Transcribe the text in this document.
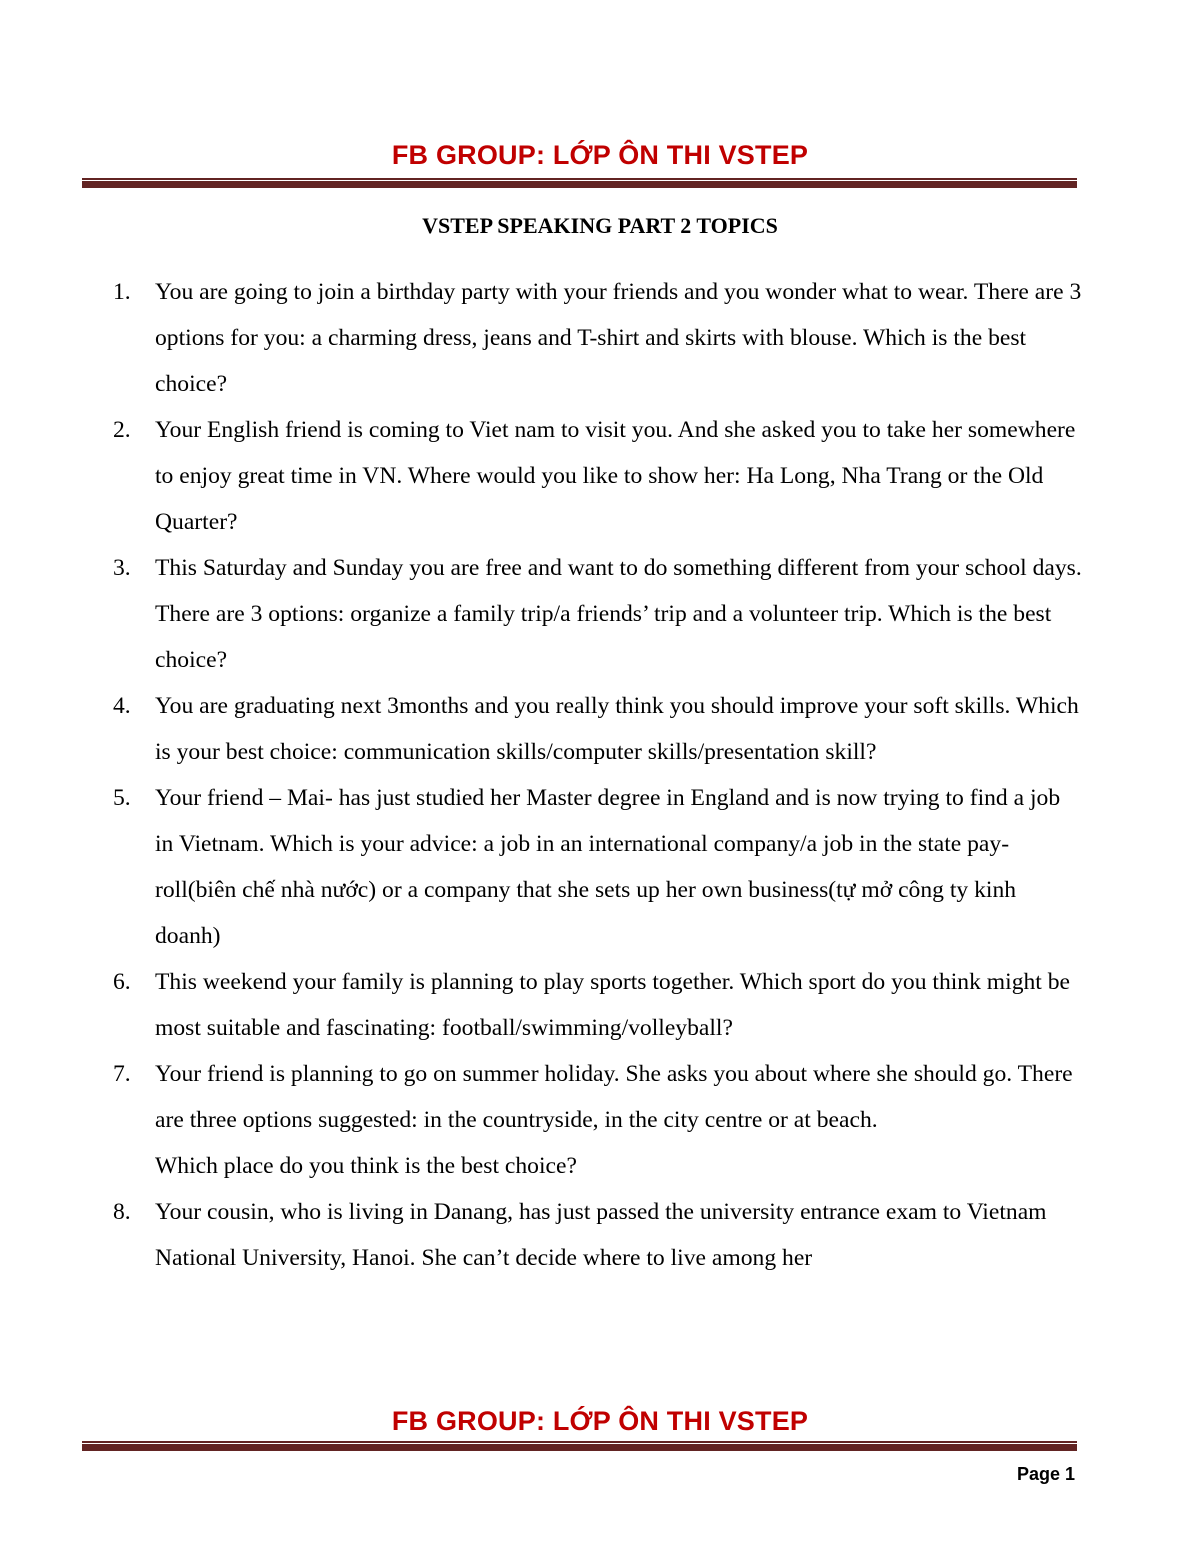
FB GROUP: LỚP ÔN THI VSTEP
VSTEP SPEAKING PART 2 TOPICS
1. You are going to join a birthday party with your friends and you wonder what to wear. There are 3 options for you: a charming dress, jeans and T-shirt and skirts with blouse. Which is the best choice?
2. Your English friend is coming to Viet nam to visit you. And she asked you to take her somewhere to enjoy great time in VN. Where would you like to show her: Ha Long, Nha Trang or the Old Quarter?
3. This Saturday and Sunday you are free and want to do something different from your school days. There are 3 options: organize a family trip/a friends’ trip and a volunteer trip. Which is the best choice?
4. You are graduating next 3months and you really think you should improve your soft skills. Which is your best choice: communication skills/computer skills/presentation skill?
5. Your friend – Mai- has just studied her Master degree in England and is now trying to find a job in Vietnam. Which is your advice: a job in an international company/a job in the state pay-roll(biên chế nhà nước) or a company that she sets up her own business(tự mở công ty kinh doanh)
6. This weekend your family is planning to play sports together. Which sport do you think might be most suitable and fascinating: football/swimming/volleyball?
7. Your friend is planning to go on summer holiday. She asks you about where she should go. There are three options suggested: in the countryside, in the city centre or at beach.
Which place do you think is the best choice?
8. Your cousin, who is living in Danang, has just passed the university entrance exam to Vietnam National University, Hanoi. She can’t decide where to live among her
FB GROUP: LỚP ÔN THI VSTEP
Page 1
